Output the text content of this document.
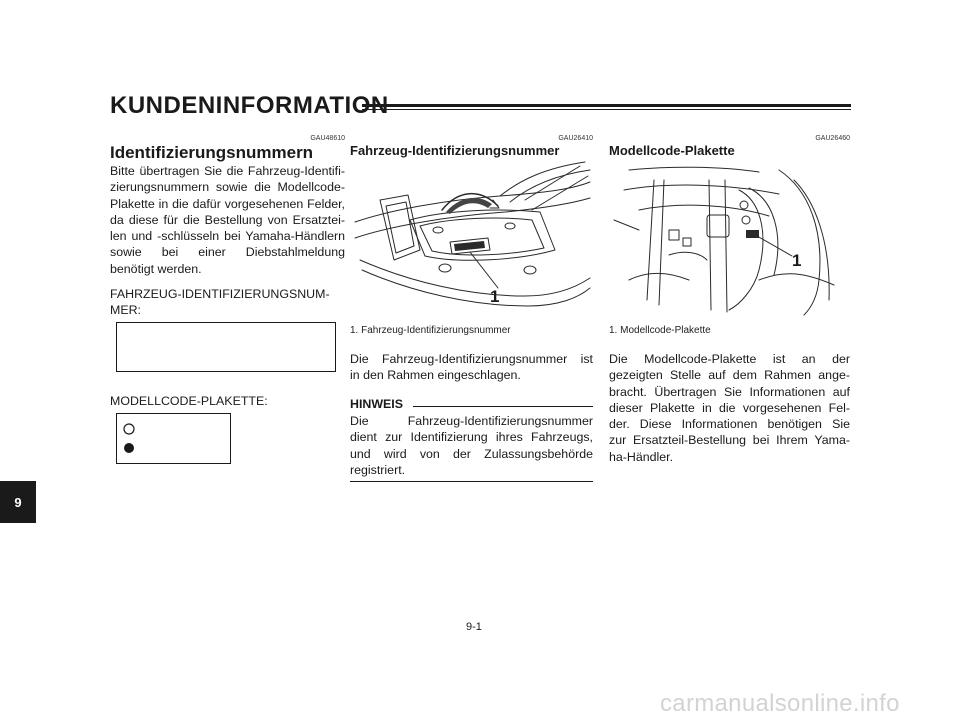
KUNDENINFORMATION
9
GAU48610
Identifizierungsnummern
Bitte übertragen Sie die Fahrzeug-Identifi-
zierungsnummern sowie die Modellcode-
Plakette in die dafür vorgesehenen Felder,
da diese für die Bestellung von Ersatztei-
len und -schlüsseln bei Yamaha-Händlern
sowie bei einer Diebstahlmeldung
benötigt werden.
FAHRZEUG-IDENTIFIZIERUNGSNUM-
MER:
MODELLCODE-PLAKETTE:
GAU26410
Fahrzeug-Identifizierungsnummer
1
1. Fahrzeug-Identifizierungsnummer
Die Fahrzeug-Identifizierungsnummer ist
in den Rahmen eingeschlagen.
HINWEIS
Die Fahrzeug-Identifizierungsnummer
dient zur Identifizierung ihres Fahrzeugs,
und wird von der Zulassungsbehörde
registriert.
GAU26460
Modellcode-Plakette
1
1. Modellcode-Plakette
Die Modellcode-Plakette ist an der
gezeigten Stelle auf dem Rahmen ange-
bracht. Übertragen Sie Informationen auf
dieser Plakette in die vorgesehenen Fel-
der. Diese Informationen benötigen Sie
zur Ersatzteil-Bestellung bei Ihrem Yama-
ha-Händler.
9-1
carmanualsonline.info
